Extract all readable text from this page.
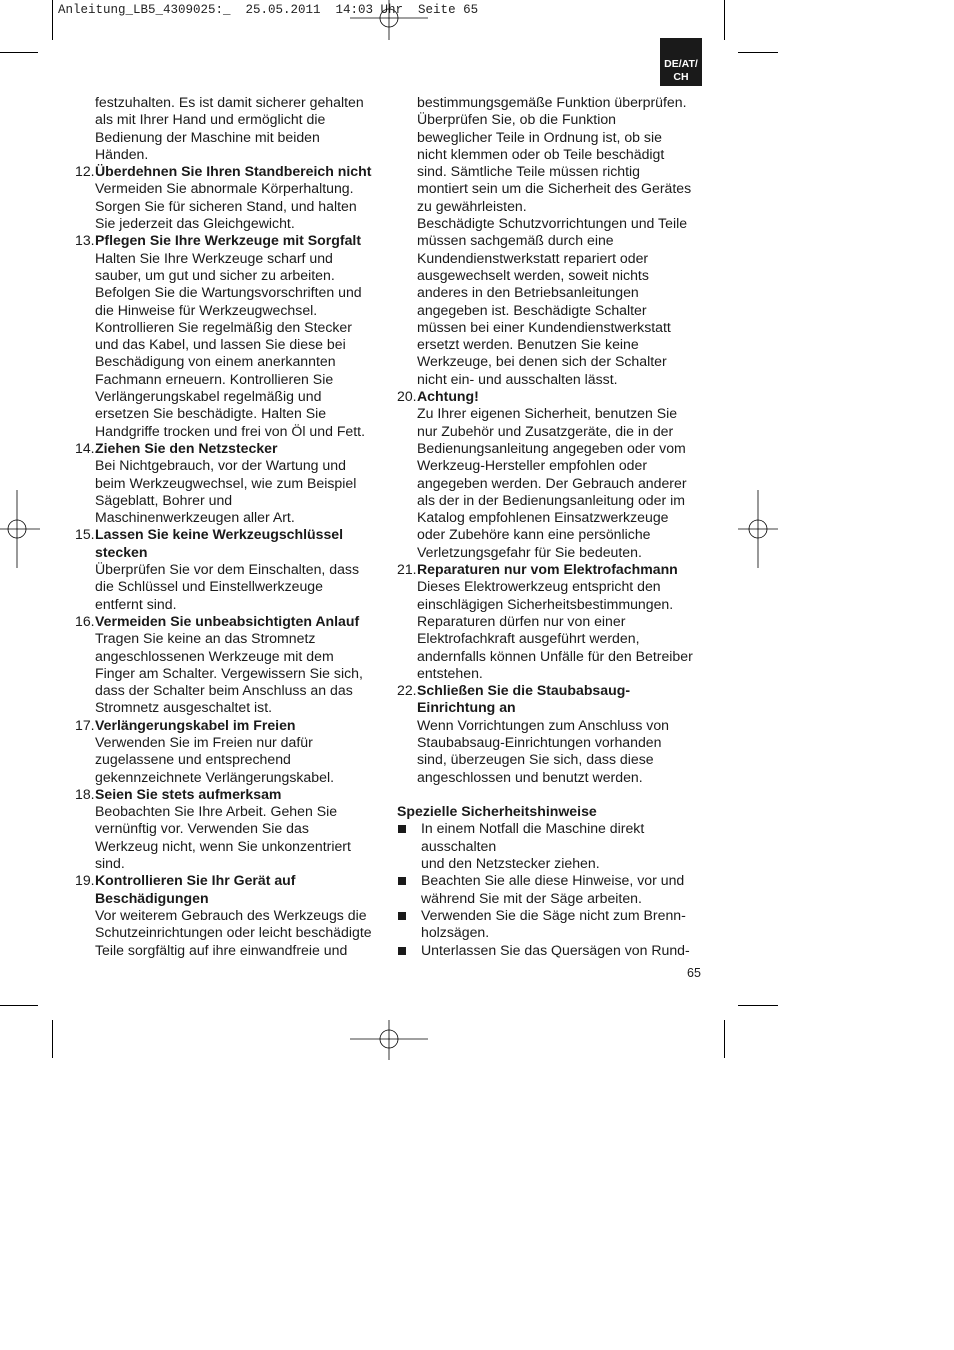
Anleitung_LB5_4309025:_  25.05.2011  14:03 Uhr  Seite 65
DE/AT/
CH
festzuhalten. Es ist damit sicherer gehalten
als mit Ihrer Hand und ermöglicht die
Bedienung der Maschine mit beiden
Händen.
12. Überdehnen Sie Ihren Standbereich nicht
Vermeiden Sie abnormale Körperhaltung.
Sorgen Sie für sicheren Stand, und halten
Sie jederzeit das Gleichgewicht.
13. Pflegen Sie Ihre Werkzeuge mit Sorgfalt
Halten Sie Ihre Werkzeuge scharf und
sauber, um gut und sicher zu arbeiten.
Befolgen Sie die Wartungsvorschriften und
die Hinweise für Werkzeugwechsel.
Kontrollieren Sie regelmäßig den Stecker
und das Kabel, und lassen Sie diese bei
Beschädigung von einem anerkannten
Fachmann erneuern. Kontrollieren Sie
Verlängerungskabel regelmäßig und
ersetzen Sie beschädigte. Halten Sie
Handgriffe trocken und frei von Öl und Fett.
14. Ziehen Sie den Netzstecker
Bei Nichtgebrauch, vor der Wartung und
beim Werkzeugwechsel, wie zum Beispiel
Sägeblatt, Bohrer und
Maschinenwerkzeugen aller Art.
15. Lassen Sie keine Werkzeugschlüssel
stecken
Überprüfen Sie vor dem Einschalten, dass
die Schlüssel und Einstellwerkzeuge
entfernt sind.
16. Vermeiden Sie unbeabsichtigten Anlauf
Tragen Sie keine an das Stromnetz
angeschlossenen Werkzeuge mit dem
Finger am Schalter. Vergewissern Sie sich,
dass der Schalter beim Anschluss an das
Stromnetz ausgeschaltet ist.
17. Verlängerungskabel im Freien
Verwenden Sie im Freien nur dafür
zugelassene und entsprechend
gekennzeichnete Verlängerungskabel.
18. Seien Sie stets aufmerksam
Beobachten Sie Ihre Arbeit. Gehen Sie
vernünftig vor. Verwenden Sie das
Werkzeug nicht, wenn Sie unkonzentriert
sind.
19. Kontrollieren Sie Ihr Gerät auf
Beschädigungen
Vor weiterem Gebrauch des Werkzeugs die
Schutzeinrichtungen oder leicht beschädigte
Teile sorgfältig auf ihre einwandfreie und
bestimmungsgemäße Funktion überprüfen.
Überprüfen Sie, ob die Funktion
beweglicher Teile in Ordnung ist, ob sie
nicht klemmen oder ob Teile beschädigt
sind. Sämtliche Teile müssen richtig
montiert sein um die Sicherheit des Gerätes
zu gewährleisten.
Beschädigte Schutzvorrichtungen und Teile
müssen sachgemäß durch eine
Kundendienstwerkstatt repariert oder
ausgewechselt werden, soweit nichts
anderes in den Betriebsanleitungen
angegeben ist. Beschädigte Schalter
müssen bei einer Kundendienstwerkstatt
ersetzt werden. Benutzen Sie keine
Werkzeuge, bei denen sich der Schalter
nicht ein- und ausschalten lässt.
20. Achtung!
Zu Ihrer eigenen Sicherheit, benutzen Sie
nur Zubehör und Zusatzgeräte, die in der
Bedienungsanleitung angegeben oder vom
Werkzeug-Hersteller empfohlen oder
angegeben werden. Der Gebrauch anderer
als der in der Bedienungsanleitung oder im
Katalog empfohlenen Einsatzwerkzeuge
oder Zubehöre kann eine persönliche
Verletzungsgefahr für Sie bedeuten.
21. Reparaturen nur vom Elektrofachmann
Dieses Elektrowerkzeug entspricht den
einschlägigen Sicherheitsbestimmungen.
Reparaturen dürfen nur von einer
Elektrofachkraft ausgeführt werden,
andernfalls können Unfälle für den Betreiber
entstehen.
22. Schließen Sie die Staubabsaug-
Einrichtung an
Wenn Vorrichtungen zum Anschluss von
Staubabsaug-Einrichtungen vorhanden
sind, überzeugen Sie sich, dass diese
angeschlossen und benutzt werden.
Spezielle Sicherheitshinweise
In einem Notfall die Maschine direkt
ausschalten
und den Netzstecker ziehen.
Beachten Sie alle diese Hinweise, vor und
während Sie mit der Säge arbeiten.
Verwenden Sie die Säge nicht zum Brenn-
holzsägen.
Unterlassen Sie das Quersägen von Rund-
65
